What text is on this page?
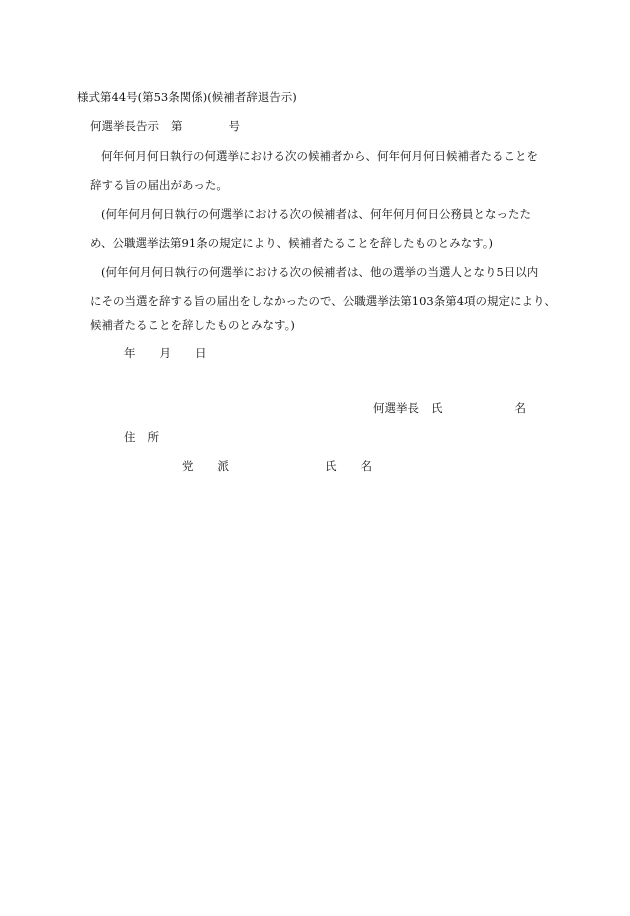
様式第44号(第53条関係)(候補者辞退告示)
何選挙長告示 第	号
何年何月何日執行の何選挙における次の候補者から、何年何月何日候補者たることを
辞する旨の届出があった。
(何年何月何日執行の何選挙における次の候補者は、何年何月何日公務員となったた
め、公職選挙法第91条の規定により、候補者たることを辞したものとみなす。)
(何年何月何日執行の何選挙における次の候補者は、他の選挙の当選人となり5日以内
にその当選を辞する旨の届出をしなかったので、公職選挙法第103条第4項の規定により、
候補者たることを辞したものとみなす。)
年 月 日
何選挙長 氏	名
住 所
党 派	氏 名
